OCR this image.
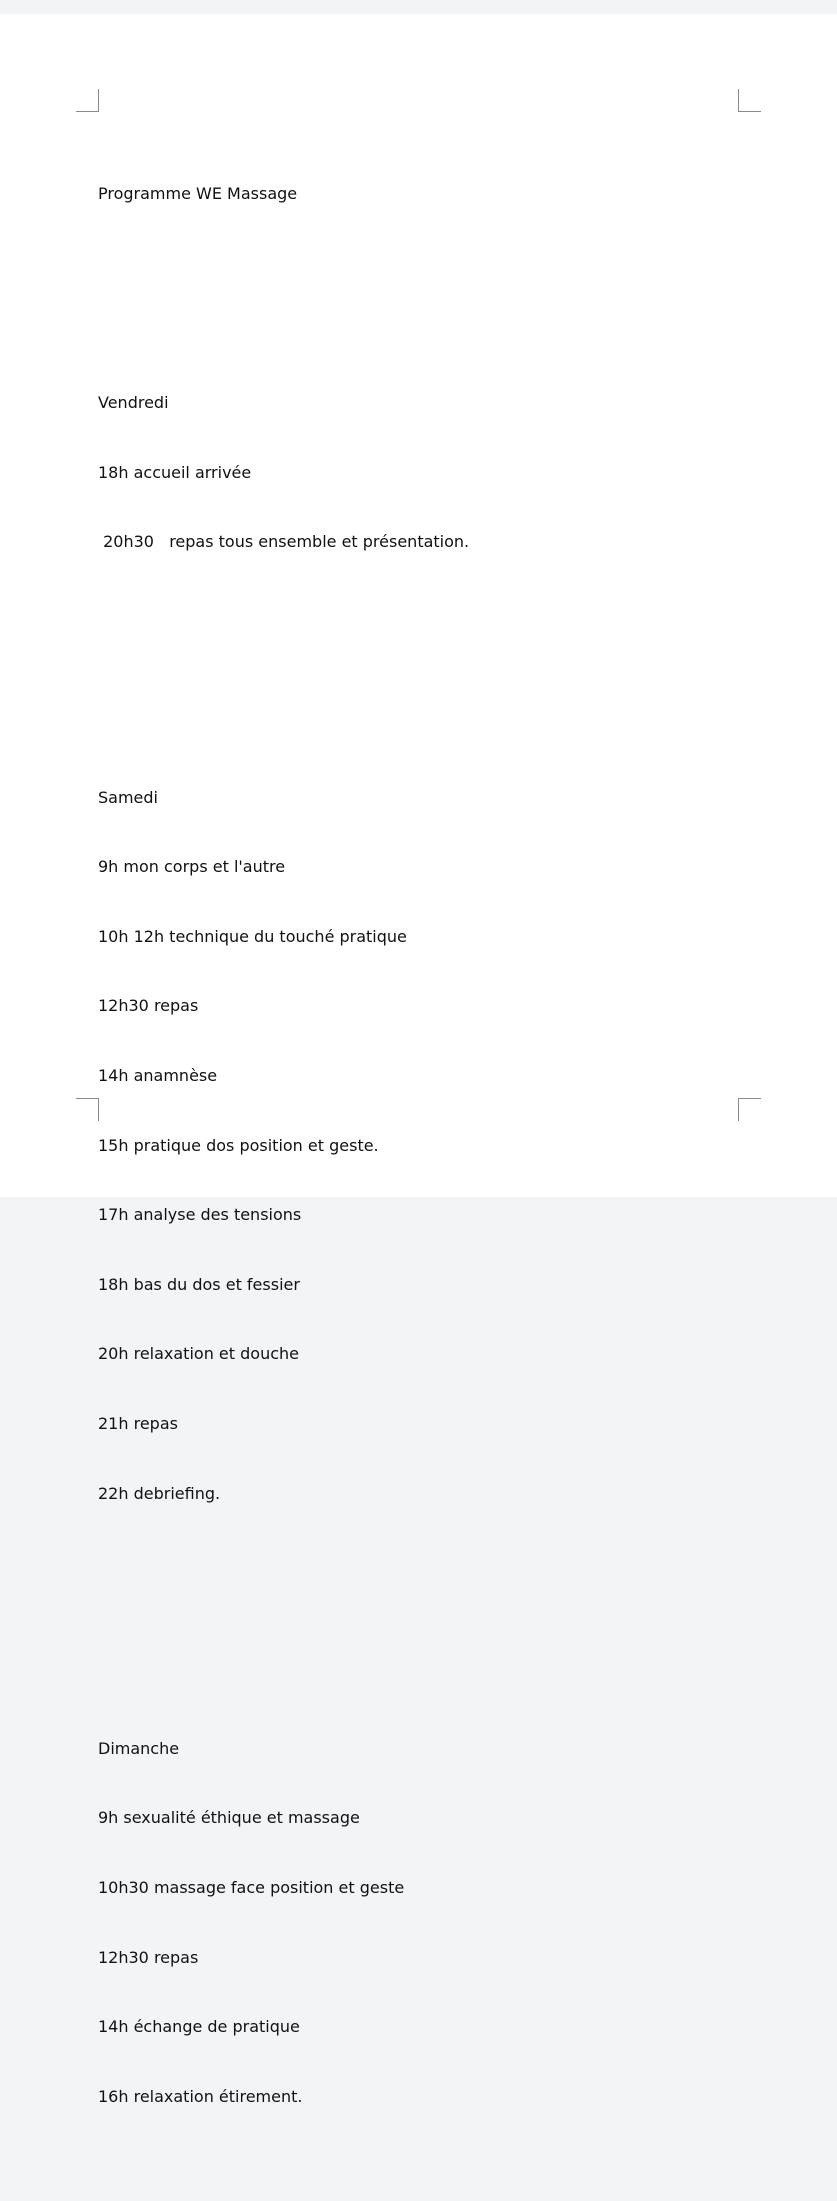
Programme WE Massage

Vendredi

18h accueil arrivée

20h30   repas tous ensemble et présentation.

Samedi

9h mon corps et l'autre

10h 12h technique du touché pratique

12h30 repas

14h anamnèse

15h pratique dos position et geste.

17h analyse des tensions

18h bas du dos et fessier

20h relaxation et douche

21h repas

22h debriefing.

Dimanche

9h sexualité éthique et massage

10h30 massage face position et geste

12h30 repas

14h échange de pratique

16h relaxation étirement.
